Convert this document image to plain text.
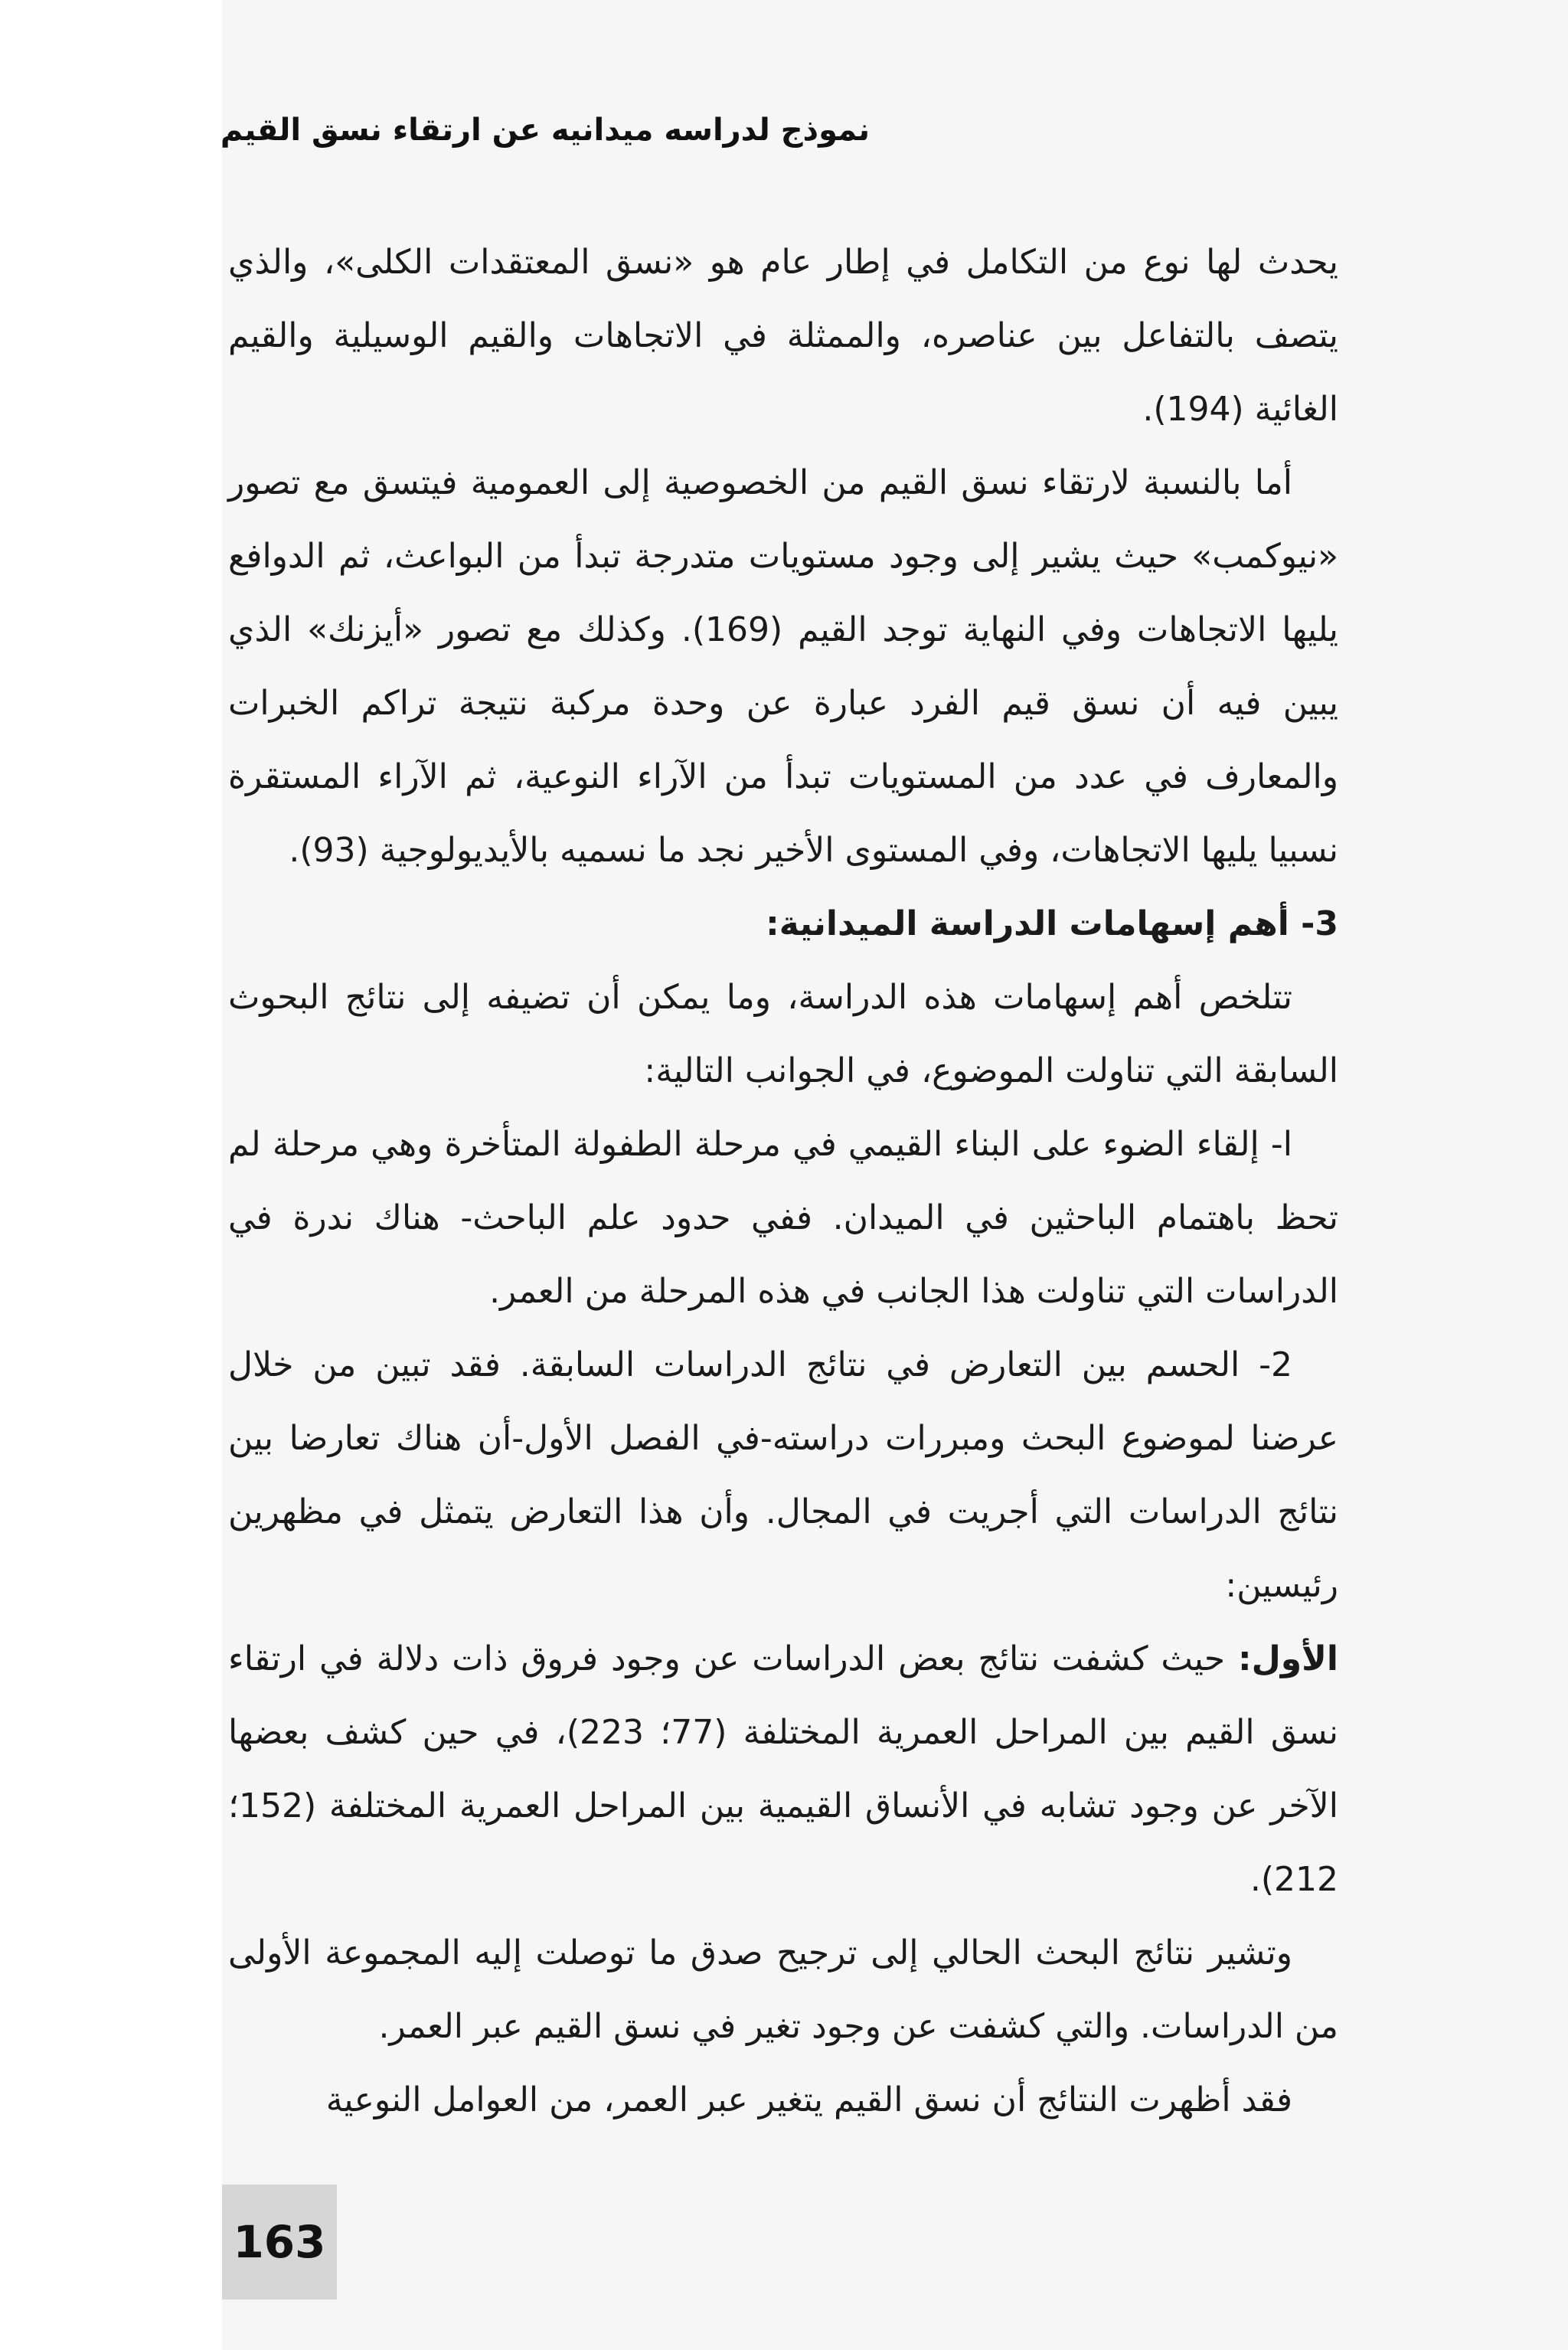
نموذج لدراسه ميدانيه عن ارتقاء نسق القيم

يحدث لها نوع من التكامل في إطار عام هو «نسق المعتقدات الكلى»، والذي يتصف بالتفاعل بين عناصره، والممثلة في الاتجاهات والقيم الوسيلية والقيم الغائية (194).

أما بالنسبة لارتقاء نسق القيم من الخصوصية إلى العمومية فيتسق مع تصور «نيوكمب» حيث يشير إلى وجود مستويات متدرجة تبدأ من البواعث، ثم الدوافع يليها الاتجاهات وفي النهاية توجد القيم (169). وكذلك مع تصور «أيزنك» الذي يبين فيه أن نسق قيم الفرد عبارة عن وحدة مركبة نتيجة تراكم الخبرات والمعارف في عدد من المستويات تبدأ من الآراء النوعية، ثم الآراء المستقرة نسبيا يليها الاتجاهات، وفي المستوى الأخير نجد ما نسميه بالأيديولوجية (93).

3- أهم إسهامات الدراسة الميدانية:

تتلخص أهم إسهامات هذه الدراسة، وما يمكن أن تضيفه إلى نتائج البحوث السابقة التي تناولت الموضوع، في الجوانب التالية:

ا- إلقاء الضوء على البناء القيمي في مرحلة الطفولة المتأخرة وهي مرحلة لم تحظ باهتمام الباحثين في الميدان. ففي حدود علم الباحث- هناك ندرة في الدراسات التي تناولت هذا الجانب في هذه المرحلة من العمر.

2- الحسم بين التعارض في نتائج الدراسات السابقة. فقد تبين من خلال عرضنا لموضوع البحث ومبررات دراسته-في الفصل الأول-أن هناك تعارضا بين نتائج الدراسات التي أجريت في المجال. وأن هذا التعارض يتمثل في مظهرين رئيسين:

الأول: حيث كشفت نتائج بعض الدراسات عن وجود فروق ذات دلالة في ارتقاء نسق القيم بين المراحل العمرية المختلفة (77؛ 223)، في حين كشف بعضها الآخر عن وجود تشابه في الأنساق القيمية بين المراحل العمرية المختلفة (152؛ 212).

وتشير نتائج البحث الحالي إلى ترجيح صدق ما توصلت إليه المجموعة الأولى من الدراسات. والتي كشفت عن وجود تغير في نسق القيم عبر العمر.

فقد أظهرت النتائج أن نسق القيم يتغير عبر العمر، من العوامل النوعية

163
